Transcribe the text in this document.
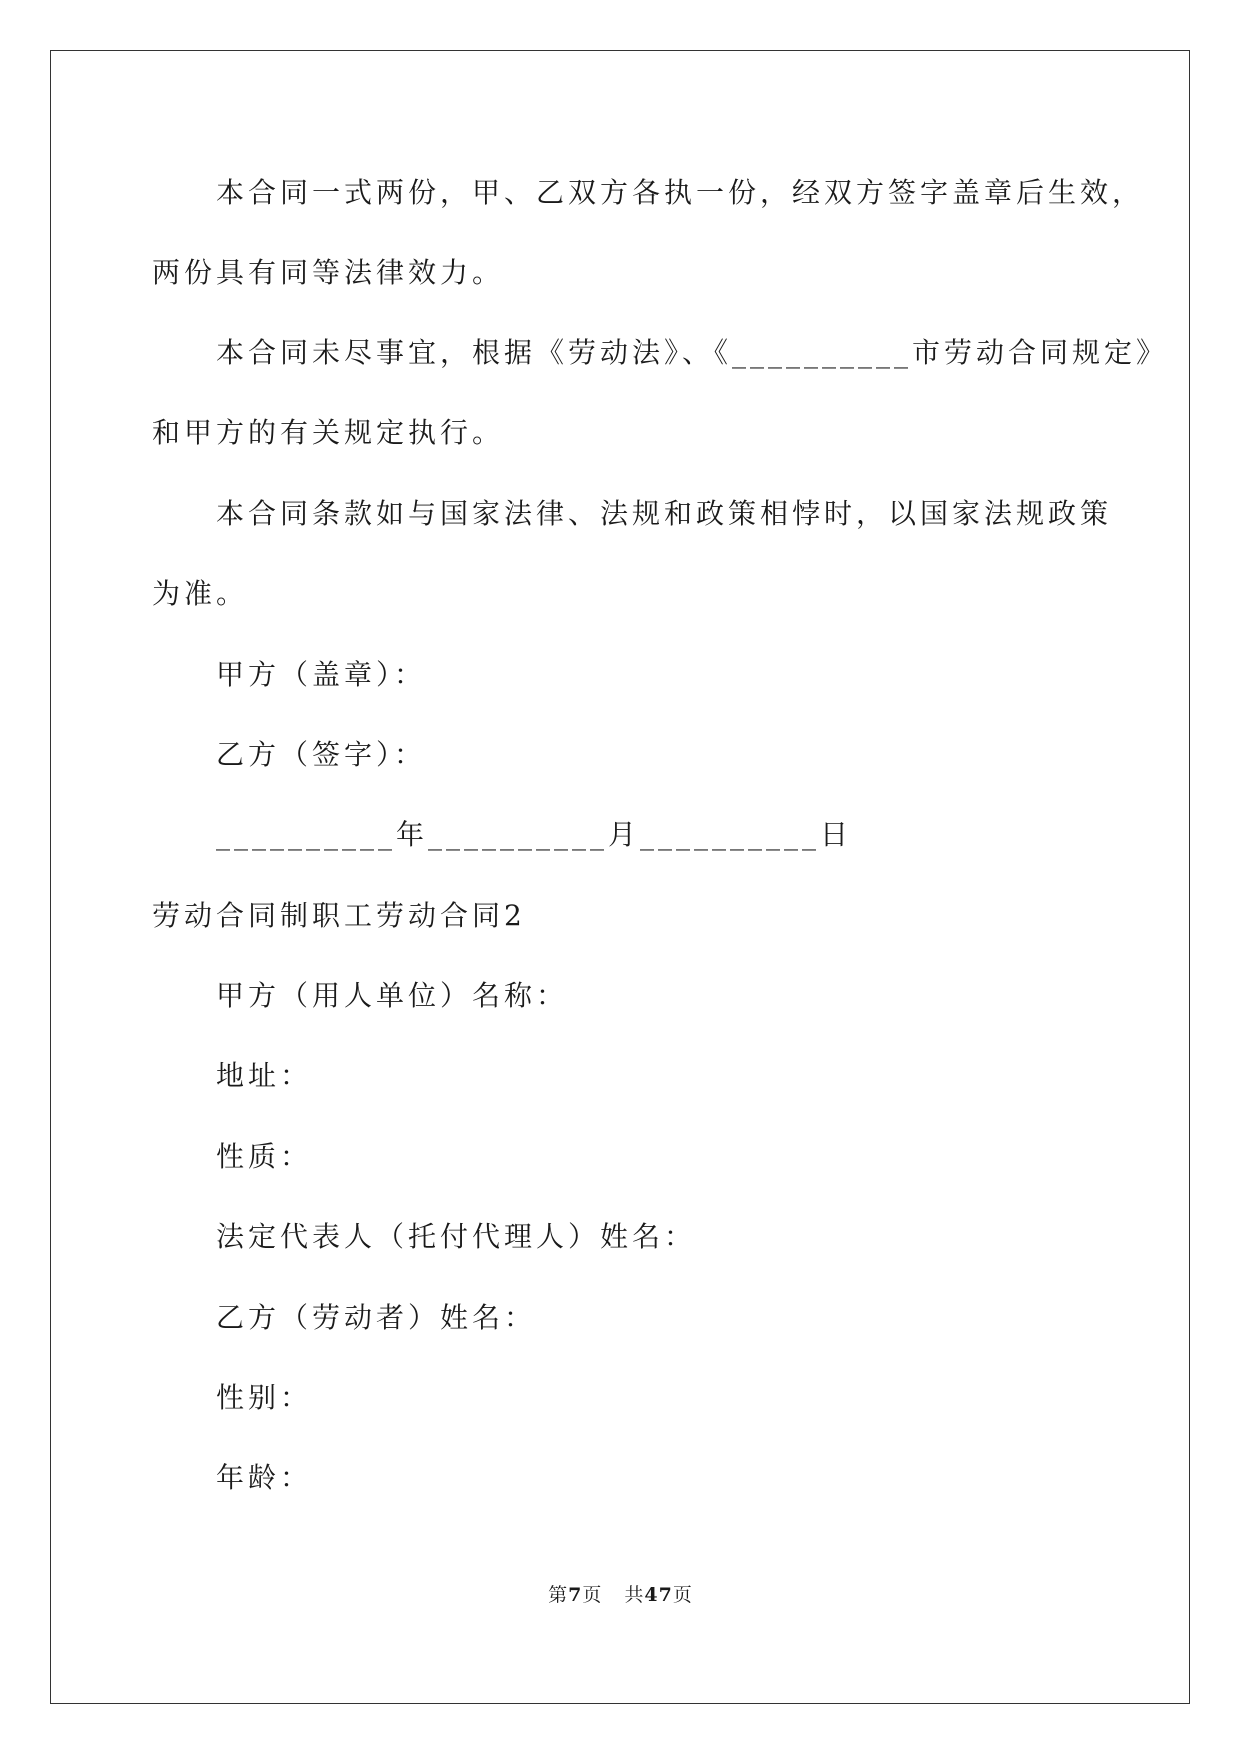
本合同一式两份，甲、乙双方各执一份，经双方签字盖章后生效，
两份具有同等法律效力。
本合同未尽事宜，根据《劳动法》、《__________市劳动合同规定》
和甲方的有关规定执行。
本合同条款如与国家法律、法规和政策相悖时，以国家法规政策
为准。
甲方（盖章）：
乙方（签字）：
__________年__________月__________日
劳动合同制职工劳动合同2
甲方（用人单位）名称：
地址：
性质：
法定代表人（托付代理人）姓名：
乙方（劳动者）姓名：
性别：
年龄：
第7页 共47页
